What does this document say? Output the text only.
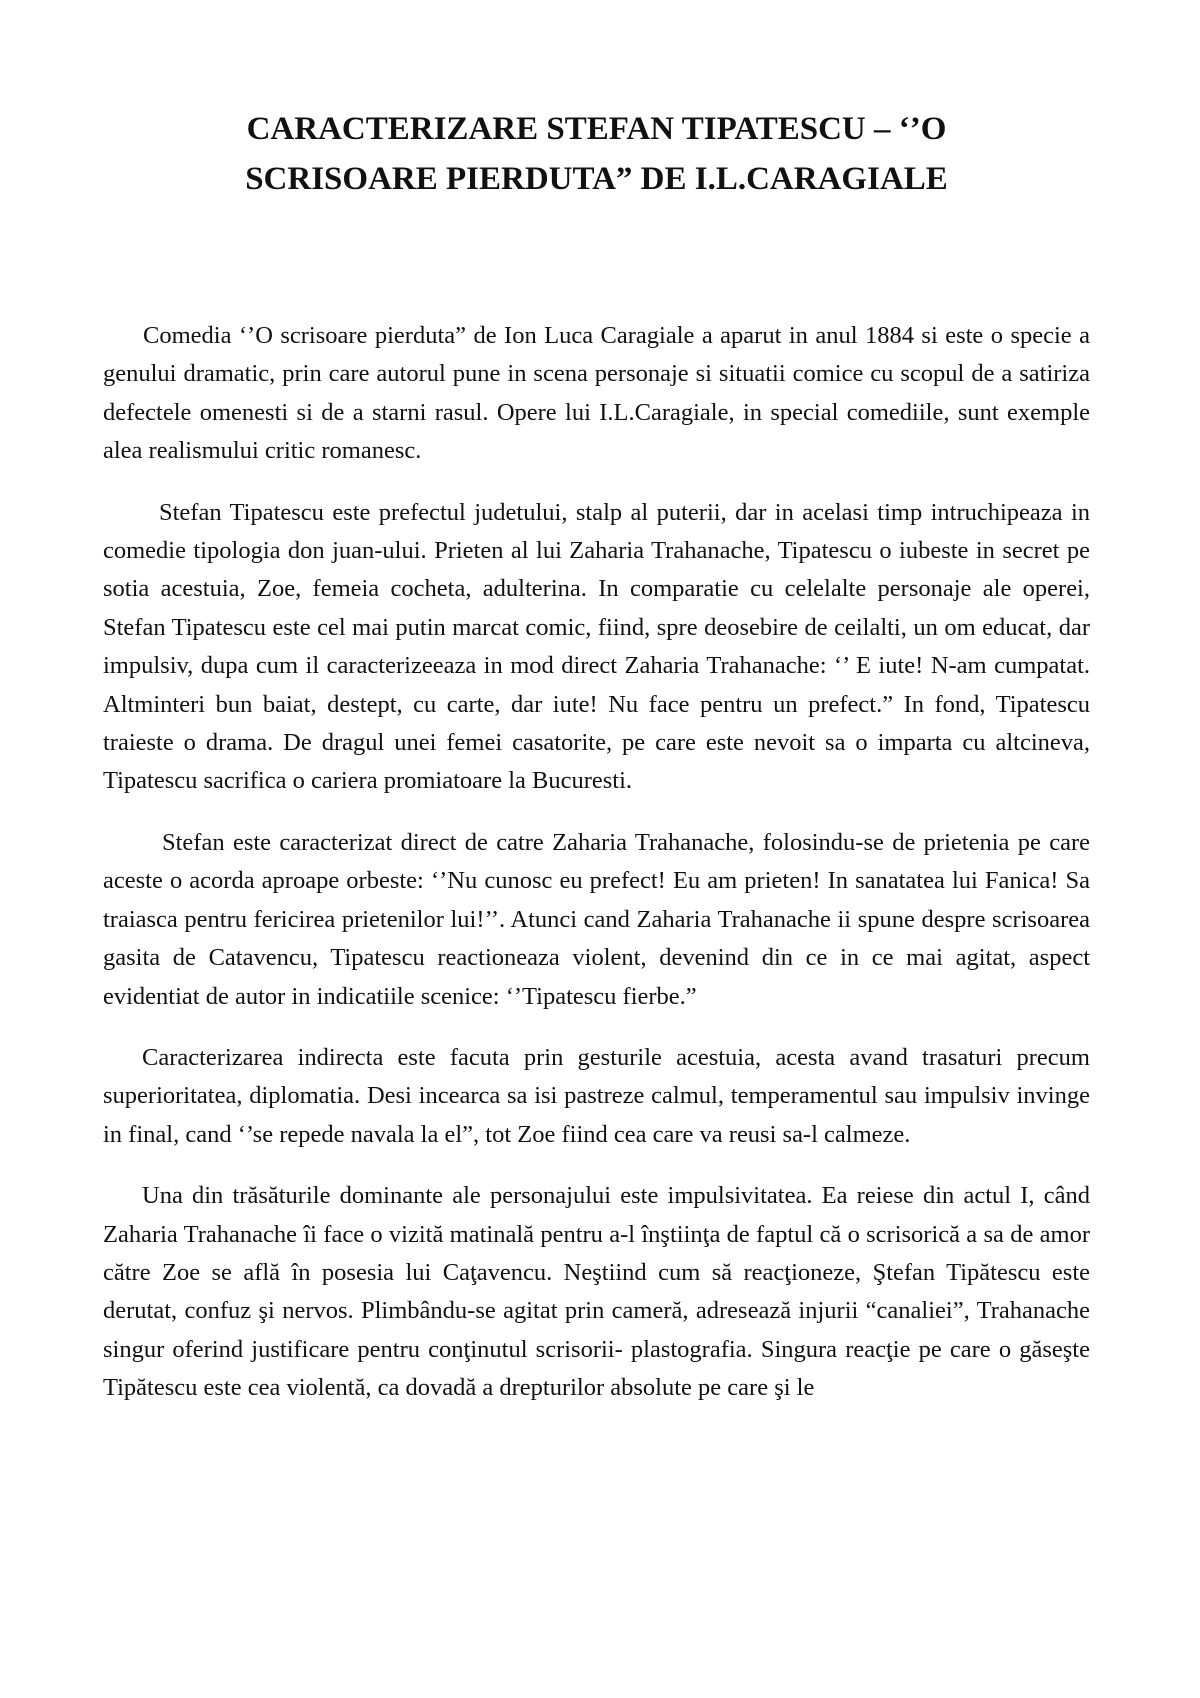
CARACTERIZARE STEFAN TIPATESCU – ‘’O
SCRISOARE PIERDUTA” DE I.L.CARAGIALE

Comedia ‘’O scrisoare pierduta” de Ion Luca Caragiale a aparut in anul 1884 si este o specie a genului dramatic, prin care autorul pune in scena personaje si situatii comice cu scopul de a satiriza defectele omenesti si de a starni rasul. Opere lui I.L.Caragiale, in special comediile, sunt exemple alea realismului critic romanesc.

Stefan Tipatescu este prefectul judetului, stalp al puterii, dar in acelasi timp intruchipeaza in comedie tipologia don juan-ului. Prieten al lui Zaharia Trahanache, Tipatescu o iubeste in secret pe sotia acestuia, Zoe, femeia cocheta, adulterina. In comparatie cu celelalte personaje ale operei, Stefan Tipatescu este cel mai putin marcat comic, fiind, spre deosebire de ceilalti, un om educat, dar impulsiv, dupa cum il caracterizeeaza in mod direct Zaharia Trahanache: ‘’ E iute! N-am cumpatat. Altminteri bun baiat, destept, cu carte, dar iute! Nu face pentru un prefect.” In fond, Tipatescu traieste o drama. De dragul unei femei casatorite, pe care este nevoit sa o imparta cu altcineva, Tipatescu sacrifica o cariera promiatoare la Bucuresti.

Stefan este caracterizat direct de catre Zaharia Trahanache, folosindu-se de prietenia pe care aceste o acorda aproape orbeste: ‘’Nu cunosc eu prefect! Eu am prieten! In sanatatea lui Fanica! Sa traiasca pentru fericirea prietenilor lui!’’. Atunci cand Zaharia Trahanache ii spune despre scrisoarea gasita de Catavencu, Tipatescu reactioneaza violent, devenind din ce in ce mai agitat, aspect evidentiat de autor in indicatiile scenice: ‘’Tipatescu fierbe.”

Caracterizarea indirecta este facuta prin gesturile acestuia, acesta avand trasaturi precum superioritatea, diplomatia. Desi incearca sa isi pastreze calmul, temperamentul sau impulsiv invinge in final, cand ‘’se repede navala la el”, tot Zoe fiind cea care va reusi sa-l calmeze.

Una din trăsăturile dominante ale personajului este impulsivitatea. Ea reiese din actul I, când Zaharia Trahanache îi face o vizită matinală pentru a-l înştiinţa de faptul că o scrisorică a sa de amor către Zoe se află în posesia lui Caţavencu. Neştiind cum să reacţioneze, Ştefan Tipătescu este derutat, confuz şi nervos. Plimbându-se agitat prin cameră, adresează injurii “canaliei”, Trahanache singur oferind justificare pentru conţinutul scrisorii- plastografia. Singura reacţie pe care o găseşte Tipătescu este cea violentă, ca dovadă a drepturilor absolute pe care şi le
